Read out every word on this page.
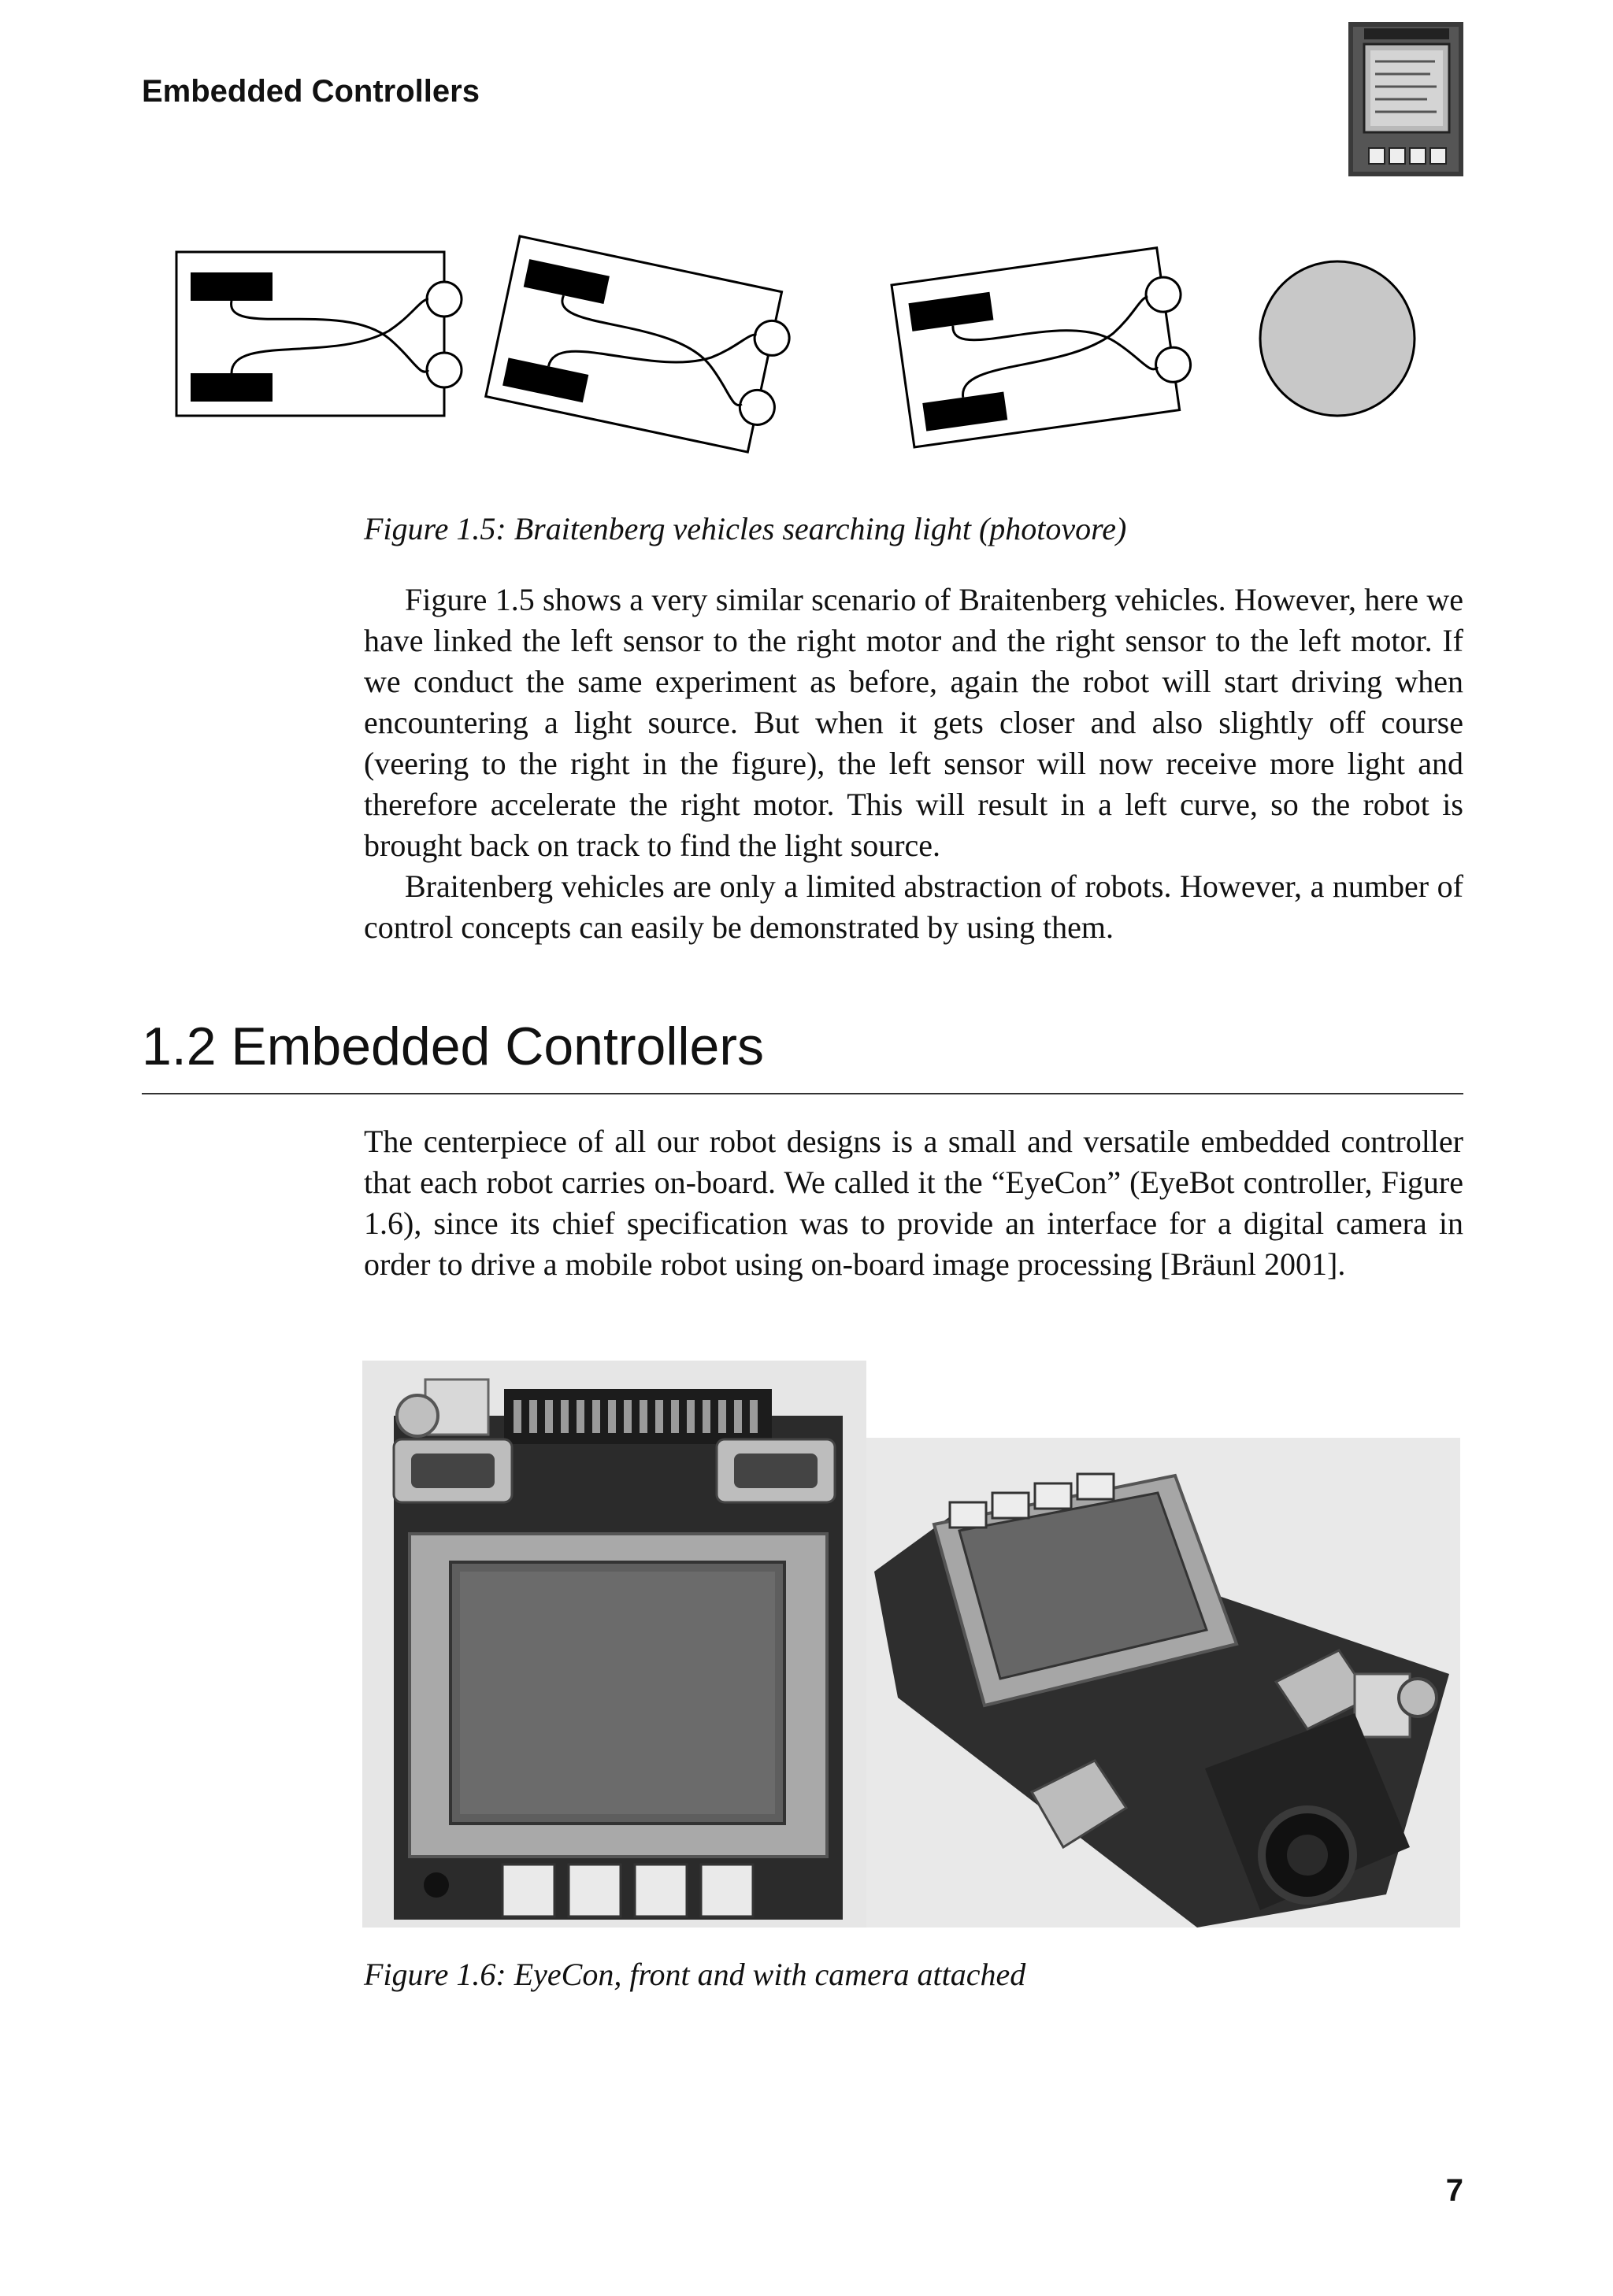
Embedded Controllers
Figure 1.5: Braitenberg vehicles searching light (photovore)

Figure 1.5 shows a very similar scenario of Braitenberg vehicles. However, here we have linked the left sensor to the right motor and the right sensor to the left motor. If we conduct the same experiment as before, again the robot will start driving when encountering a light source. But when it gets closer and also slightly off course (veering to the right in the figure), the left sensor will now receive more light and therefore accelerate the right motor. This will result in a left curve, so the robot is brought back on track to find the light source.

Braitenberg vehicles are only a limited abstraction of robots. However, a number of control concepts can easily be demonstrated by using them.

1.2 Embedded Controllers

The centerpiece of all our robot designs is a small and versatile embedded controller that each robot carries on-board. We called it the “EyeCon” (EyeBot controller, Figure 1.6), since its chief specification was to provide an interface for a digital camera in order to drive a mobile robot using on-board image processing [Bräunl 2001].

Figure 1.6: EyeCon, front and with camera attached
7
